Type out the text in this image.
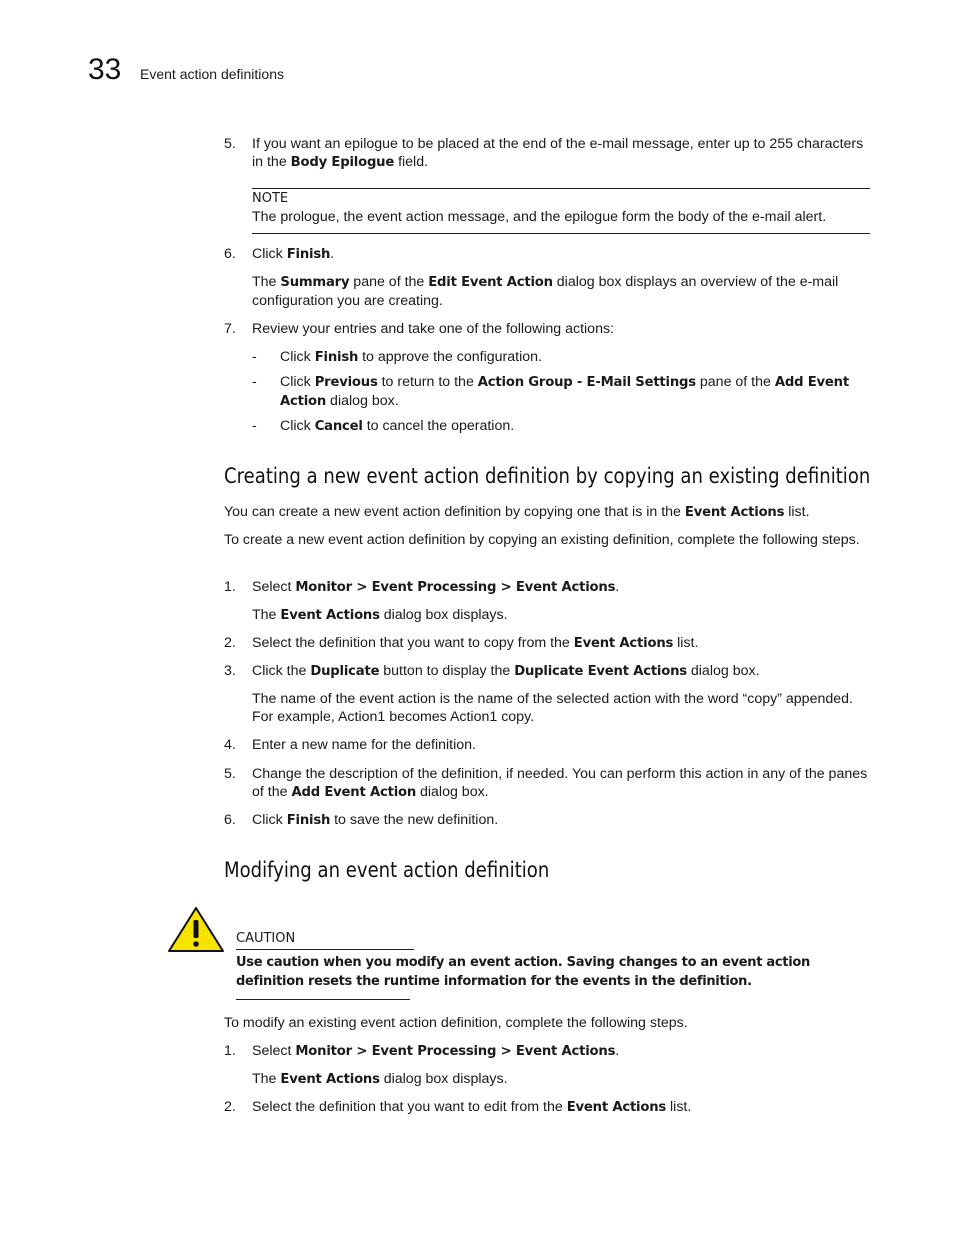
33 Event action definitions
5. If you want an epilogue to be placed at the end of the e-mail message, enter up to 255 characters in the Body Epilogue field.
NOTE
The prologue, the event action message, and the epilogue form the body of the e-mail alert.
6. Click Finish.
The Summary pane of the Edit Event Action dialog box displays an overview of the e-mail configuration you are creating.
7. Review your entries and take one of the following actions:
- Click Finish to approve the configuration.
- Click Previous to return to the Action Group - E-Mail Settings pane of the Add Event Action dialog box.
- Click Cancel to cancel the operation.
Creating a new event action definition by copying an existing definition
You can create a new event action definition by copying one that is in the Event Actions list.
To create a new event action definition by copying an existing definition, complete the following steps.
1. Select Monitor > Event Processing > Event Actions.
The Event Actions dialog box displays.
2. Select the definition that you want to copy from the Event Actions list.
3. Click the Duplicate button to display the Duplicate Event Actions dialog box.
The name of the event action is the name of the selected action with the word “copy” appended. For example, Action1 becomes Action1 copy.
4. Enter a new name for the definition.
5. Change the description of the definition, if needed. You can perform this action in any of the panes of the Add Event Action dialog box.
6. Click Finish to save the new definition.
Modifying an event action definition
CAUTION
Use caution when you modify an event action. Saving changes to an event action definition resets the runtime information for the events in the definition.
To modify an existing event action definition, complete the following steps.
1. Select Monitor > Event Processing > Event Actions.
The Event Actions dialog box displays.
2. Select the definition that you want to edit from the Event Actions list.
